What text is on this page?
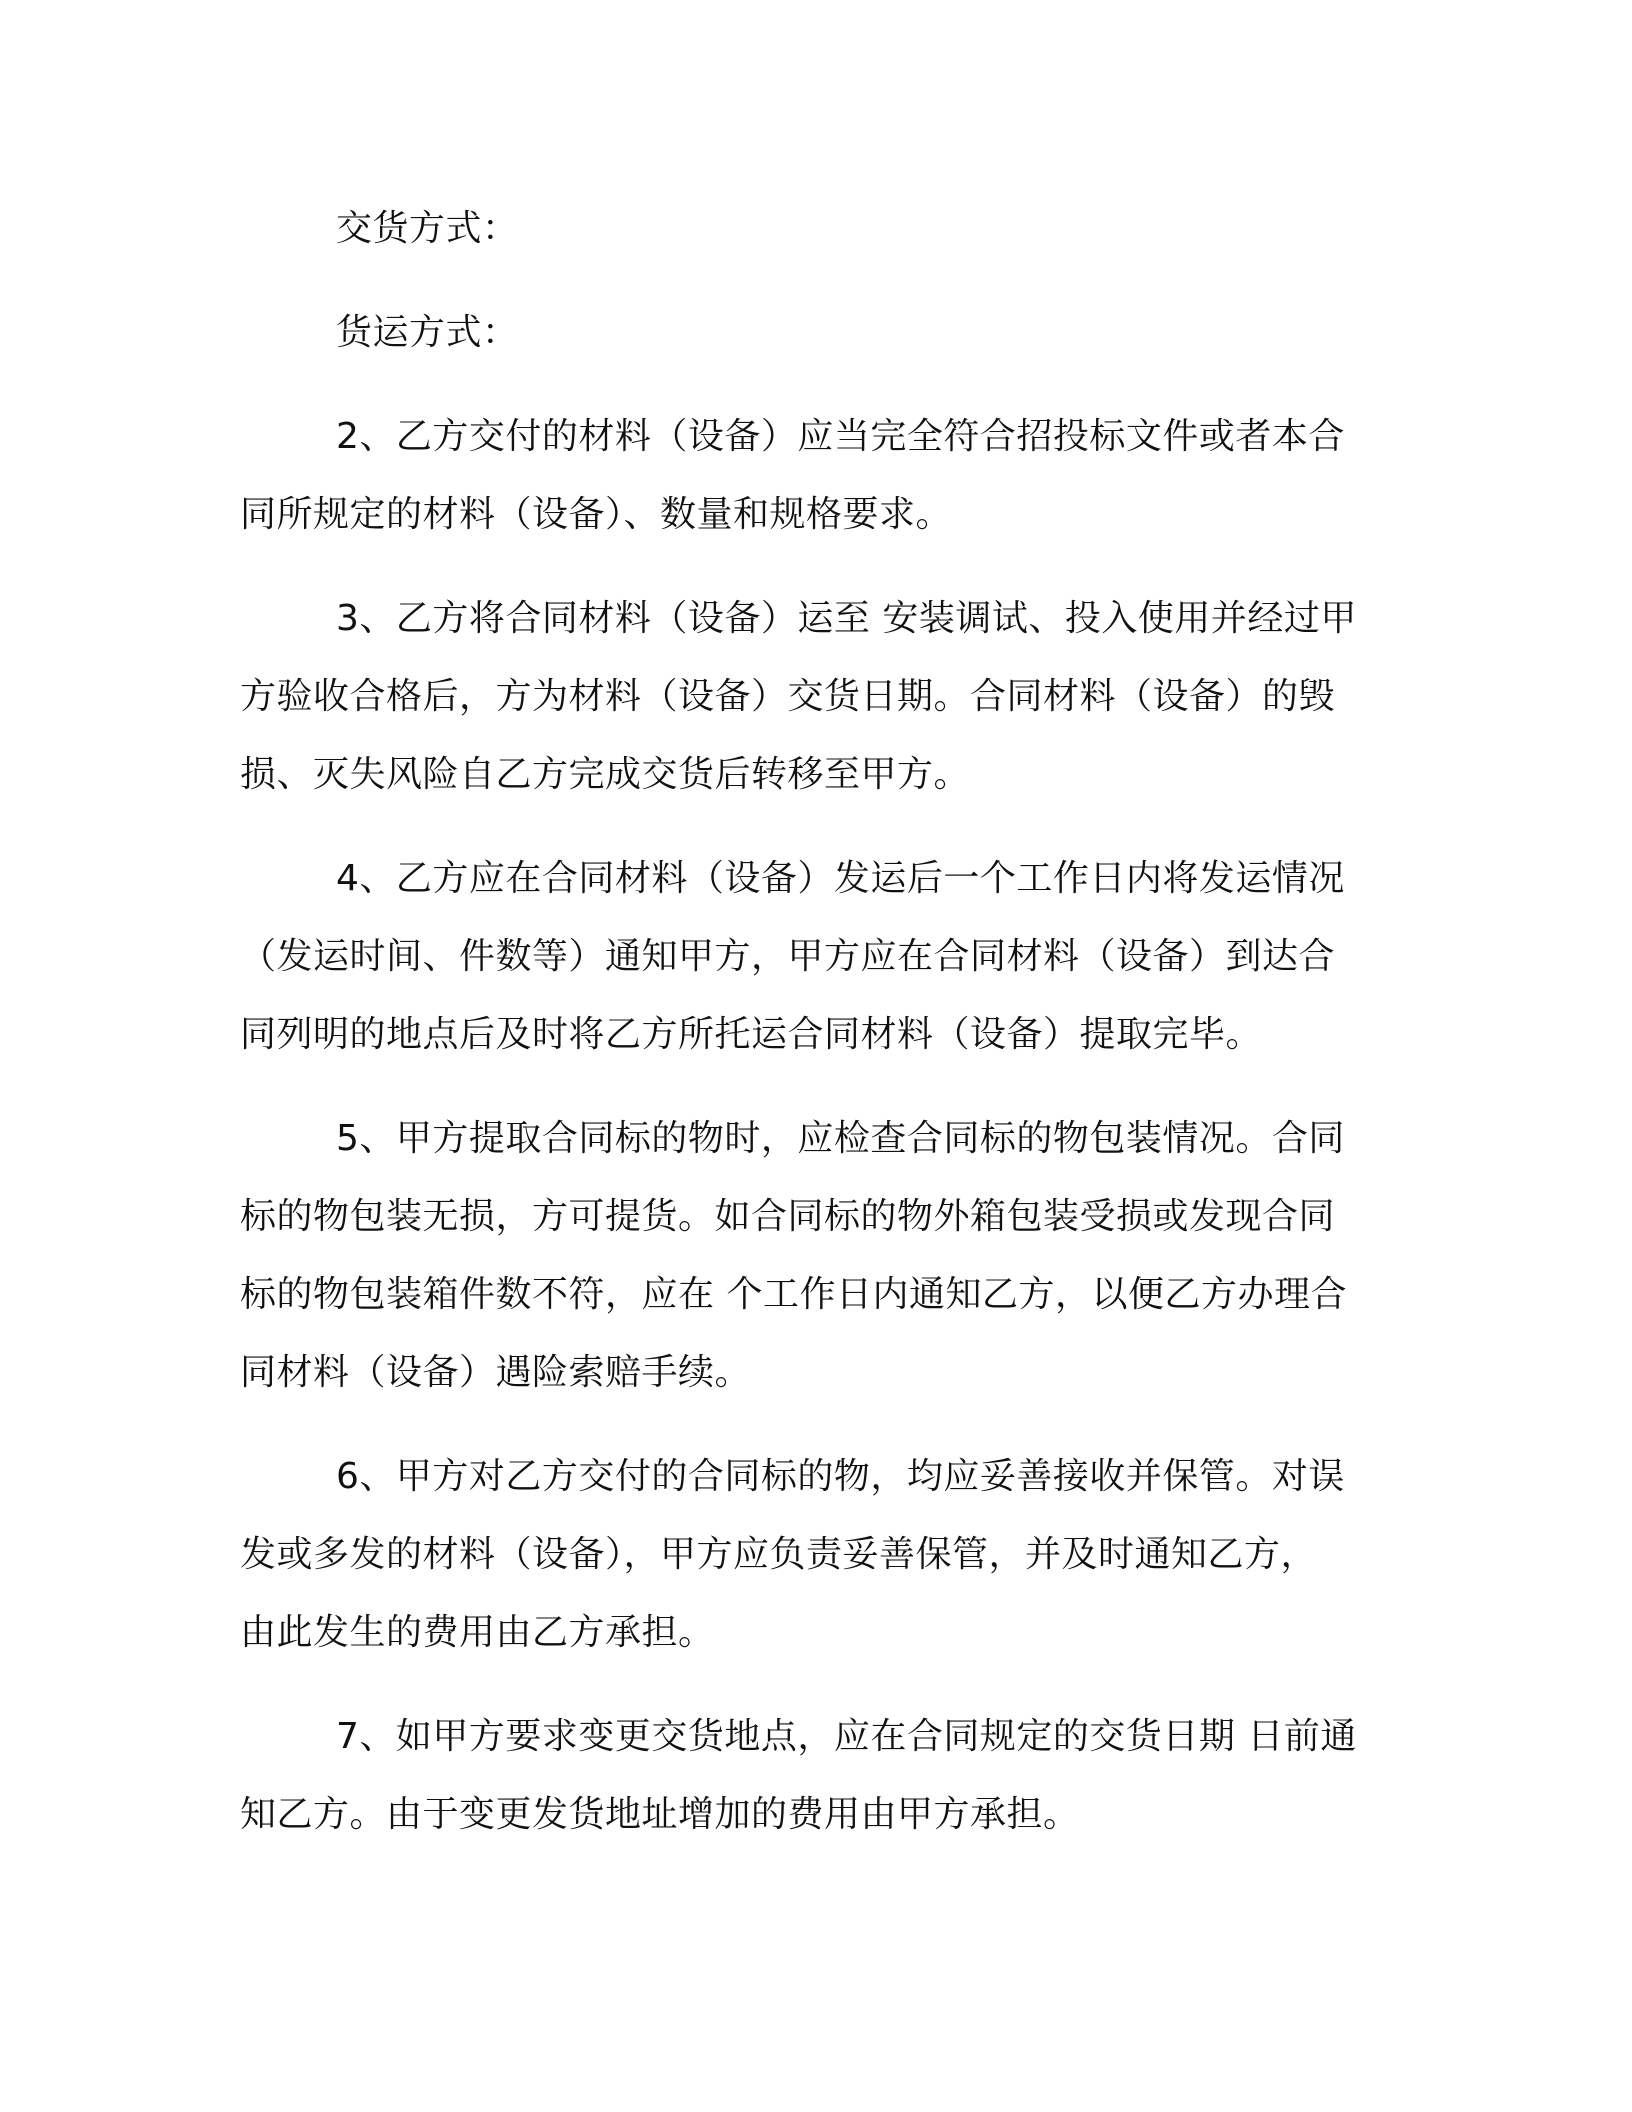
交货方式：
货运方式：
2、乙方交付的材料（设备）应当完全符合招投标文件或者本合
同所规定的材料（设备）、数量和规格要求。
3、乙方将合同材料（设备）运至 安装调试、投入使用并经过甲
方验收合格后，方为材料（设备）交货日期。合同材料（设备）的毁
损、灭失风险自乙方完成交货后转移至甲方。
4、乙方应在合同材料（设备）发运后一个工作日内将发运情况
（发运时间、件数等）通知甲方，甲方应在合同材料（设备）到达合
同列明的地点后及时将乙方所托运合同材料（设备）提取完毕。
5、甲方提取合同标的物时，应检查合同标的物包装情况。合同
标的物包装无损，方可提货。如合同标的物外箱包装受损或发现合同
标的物包装箱件数不符，应在 个工作日内通知乙方，以便乙方办理合
同材料（设备）遇险索赔手续。
6、甲方对乙方交付的合同标的物，均应妥善接收并保管。对误
发或多发的材料（设备），甲方应负责妥善保管，并及时通知乙方，
由此发生的费用由乙方承担。
7、如甲方要求变更交货地点，应在合同规定的交货日期 日前通
知乙方。由于变更发货地址增加的费用由甲方承担。
